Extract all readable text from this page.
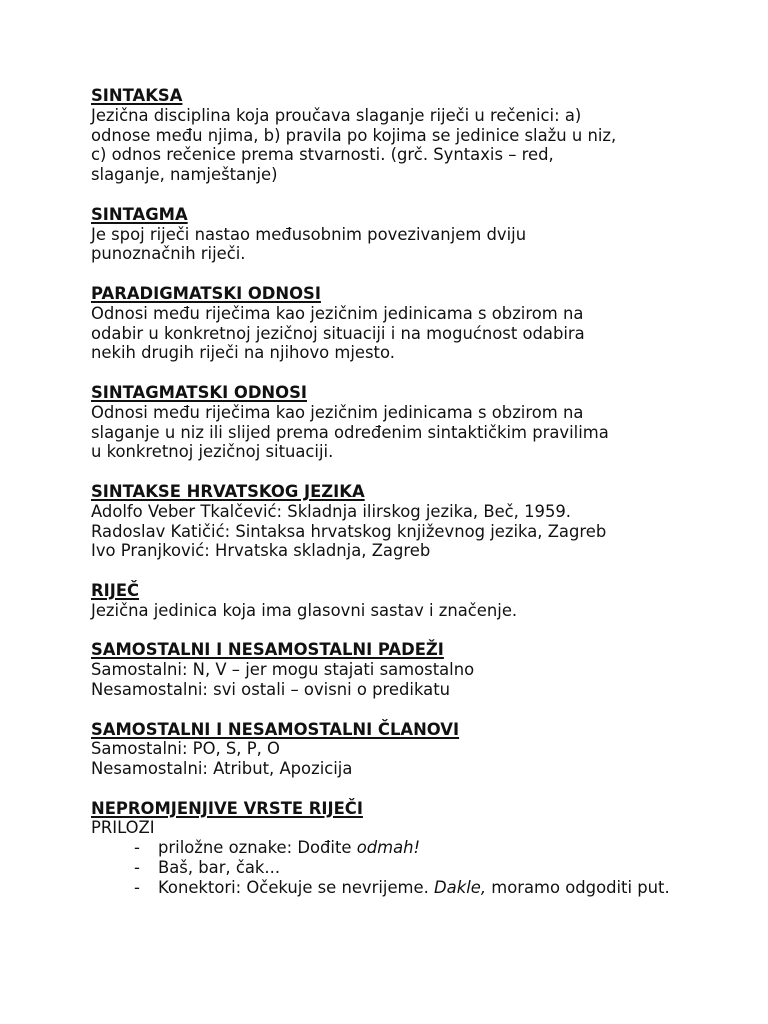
SINTAKSA
Jezična disciplina koja proučava slaganje riječi u rečenici: a)
odnose među njima, b) pravila po kojima se jedinice slažu u niz,
c) odnos rečenice prema stvarnosti. (grč. Syntaxis – red,
slaganje, namještanje)
SINTAGMA
Je spoj riječi nastao međusobnim povezivanjem dviju
punoznačnih riječi.
PARADIGMATSKI ODNOSI
Odnosi među riječima kao jezičnim jedinicama s obzirom na
odabir u konkretnoj jezičnoj situaciji i na mogućnost odabira
nekih drugih riječi na njihovo mjesto.
SINTAGMATSKI ODNOSI
Odnosi među riječima kao jezičnim jedinicama s obzirom na
slaganje u niz ili slijed prema određenim sintaktičkim pravilima
u konkretnoj jezičnoj situaciji.
SINTAKSE HRVATSKOG JEZIKA
Adolfo Veber Tkalčević: Skladnja ilirskog jezika, Beč, 1959.
Radoslav Katičić: Sintaksa hrvatskog književnog jezika, Zagreb
Ivo Pranjković: Hrvatska skladnja, Zagreb
RIJEČ
Jezična jedinica koja ima glasovni sastav i značenje.
SAMOSTALNI I NESAMOSTALNI PADEŽI
Samostalni: N, V – jer mogu stajati samostalno
Nesamostalni: svi ostali – ovisni o predikatu
SAMOSTALNI I NESAMOSTALNI ČLANOVI
Samostalni: PO, S, P, O
Nesamostalni: Atribut, Apozicija
NEPROMJENJIVE VRSTE RIJEČI
PRILOZI
- priložne oznake: Dođite odmah!
- Baš, bar, čak...
- Konektori: Očekuje se nevrijeme. Dakle, moramo odgoditi put.
